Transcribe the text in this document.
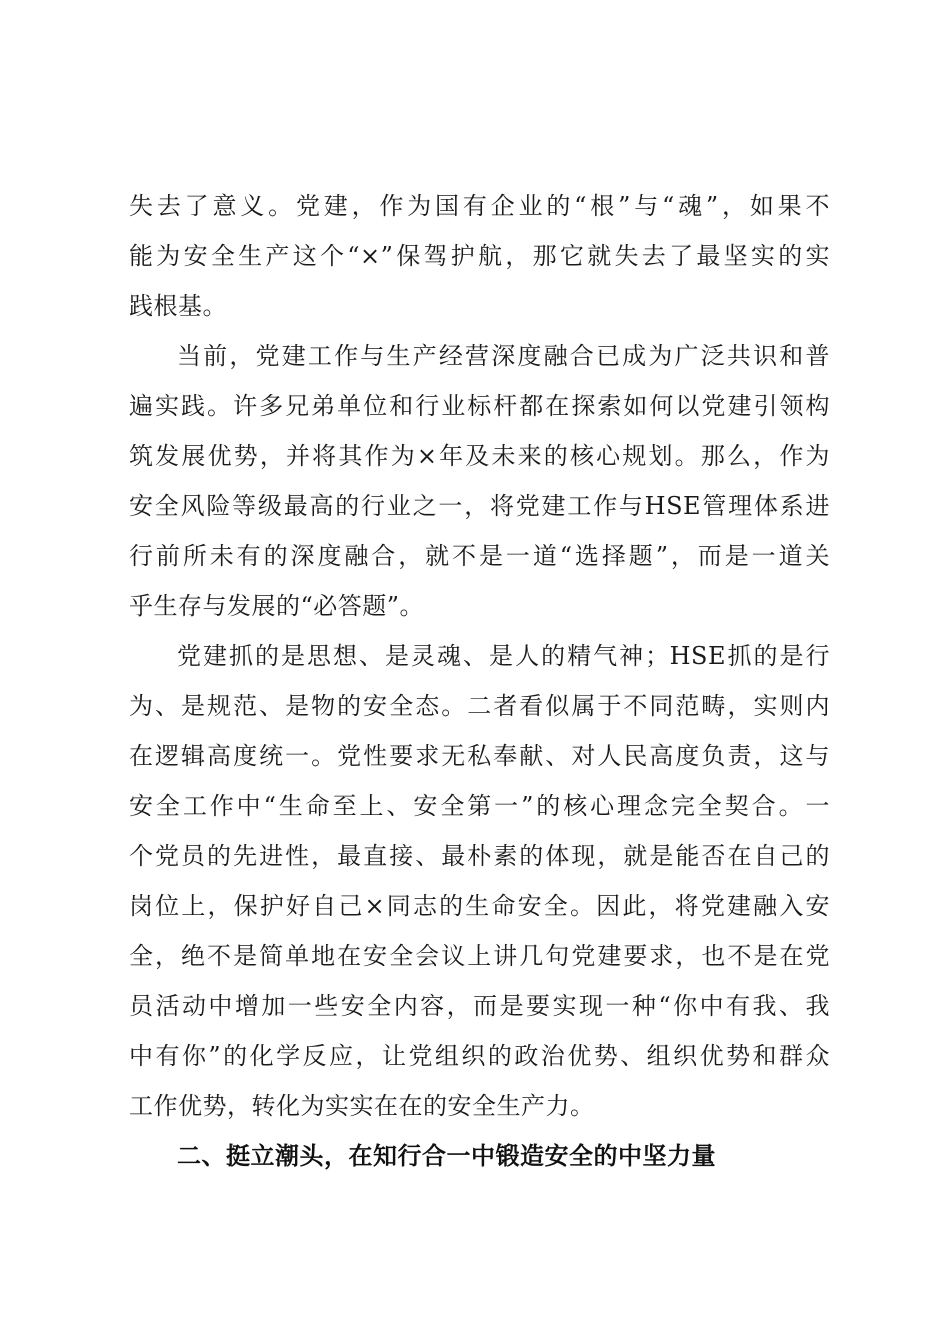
失去了意义。党建，作为国有企业的“根”与“魂”，如果不
能为安全生产这个“×”保驾护航，那它就失去了最坚实的实
践根基。
当前，党建工作与生产经营深度融合已成为广泛共识和普
遍实践。许多兄弟单位和行业标杆都在探索如何以党建引领构
筑发展优势，并将其作为×年及未来的核心规划。那么，作为
安全风险等级最高的行业之一，将党建工作与HSE管理体系进
行前所未有的深度融合，就不是一道“选择题”，而是一道关
乎生存与发展的“必答题”。
党建抓的是思想、是灵魂、是人的精气神；HSE抓的是行
为、是规范、是物的安全态。二者看似属于不同范畴，实则内
在逻辑高度统一。党性要求无私奉献、对人民高度负责，这与
安全工作中“生命至上、安全第一”的核心理念完全契合。一
个党员的先进性，最直接、最朴素的体现，就是能否在自己的
岗位上，保护好自己×同志的生命安全。因此，将党建融入安
全，绝不是简单地在安全会议上讲几句党建要求，也不是在党
员活动中增加一些安全内容，而是要实现一种“你中有我、我
中有你”的化学反应，让党组织的政治优势、组织优势和群众
工作优势，转化为实实在在的安全生产力。
二、挺立潮头，在知行合一中锻造安全的中坚力量
